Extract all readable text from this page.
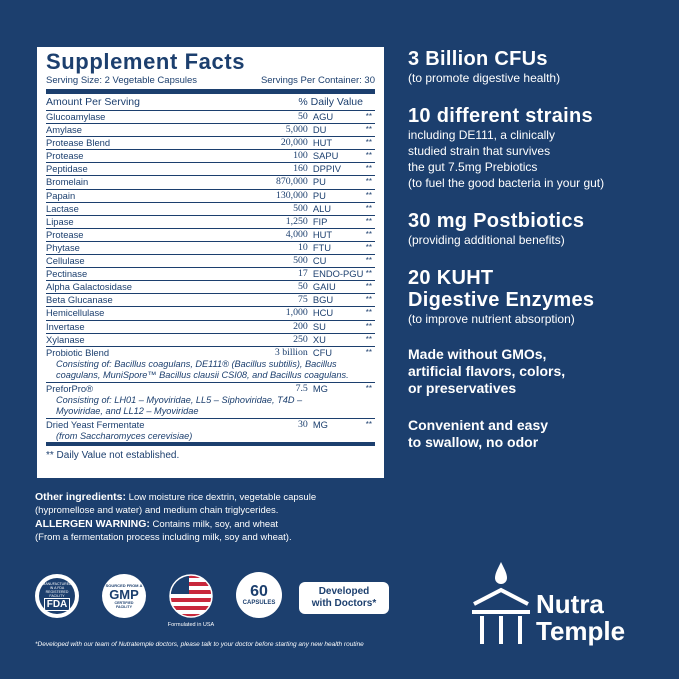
Supplement Facts
Serving Size: 2 Vegetable Capsules	Servings Per Container: 30
Amount Per Serving	% Daily Value
Glucoamylase	50 AGU	**
Amylase	5,000 DU	**
Protease Blend	20,000 HUT	**
Protease	100 SAPU	**
Peptidase	160 DPPIV	**
Bromelain	870,000 PU	**
Papain	130,000 PU	**
Lactase	500 ALU	**
Lipase	1,250 FIP	**
Protease	4,000 HUT	**
Phytase	10 FTU	**
Cellulase	500 CU	**
Pectinase	17 ENDO-PGU **
Alpha Galactosidase	50 GAIU	**
Beta Glucanase	75 BGU	**
Hemicellulase	1,000 HCU	**
Invertase	200 SU	**
Xylanase	250 XU	**
Probiotic Blend	3 billion CFU	**
Consisting of: Bacillus coagulans, DE111® (Bacillus subtilis), Bacillus
coagulans, MuniSpore™ Bacillus clausii CSI08, and Bacillus coagulans.
PreforPro®	7.5 MG	**
Consisting of: LH01 – Myoviridae, LL5 – Siphoviridae, T4D –
Myoviridae, and LL12 – Myoviridae
Dried Yeast Fermentate	30 MG	**
(from Saccharomyces cerevisiae)
** Daily Value not established.
Other ingredients: Low moisture rice dextrin, vegetable capsule
(hypromellose and water) and medium chain triglycerides.
ALLERGEN WARNING: Contains milk, soy, and wheat
(From a fermentation process including milk, soy and wheat).
3 Billion CFUs
(to promote digestive health)
10 different strains
including DE111, a clinically
studied strain that survives
the gut 7.5mg Prebiotics
(to fuel the good bacteria in your gut)
30 mg Postbiotics
(providing additional benefits)
20 KUHT
Digestive Enzymes
(to improve nutrient absorption)
Made without GMOs,
artificial flavors, colors,
or preservatives
Convenient and easy
to swallow, no odor
MANUFACTURED IN A FDA REGISTERED FACILITY
FDA
SOURCED FROM A
GMP
CERTIFIED FACILITY
Formulated in USA
60
CAPSULES
Developed
with Doctors*	Nutra
Temple
*Developed with our team of Nutratemple doctors, please talk to your doctor before starting any new health routine
